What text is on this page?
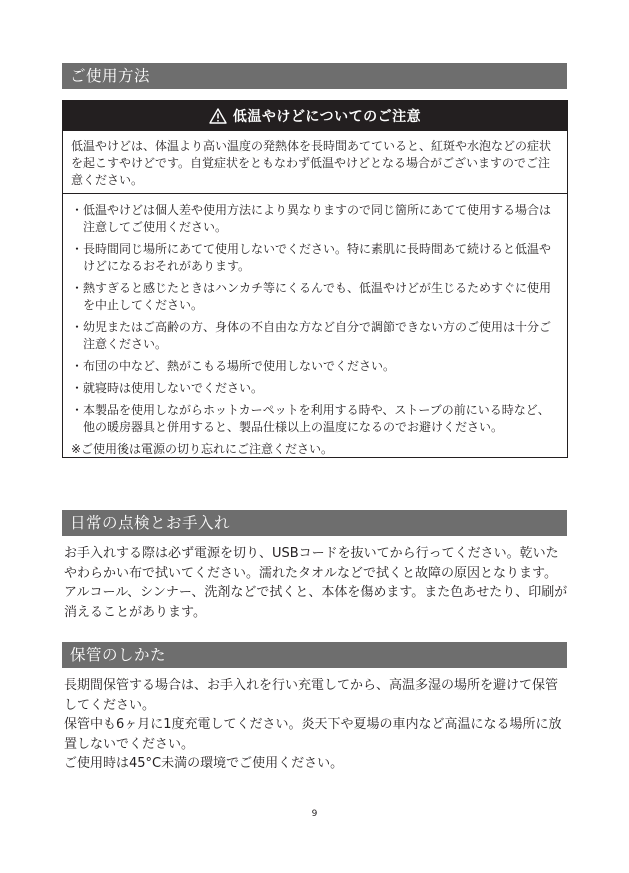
ご使用方法
低温やけどについてのご注意
低温やけどは、体温より高い温度の発熱体を長時間あてていると、紅斑や水泡などの症状を起こすやけどです。自覚症状をともなわず低温やけどとなる場合がございますのでご注意ください。
・ 低温やけどは個人差や使用方法により異なりますので同じ箇所にあてて使用する場合は注意してご使用ください。
・ 長時間同じ場所にあてて使用しないでください。特に素肌に長時間あて続けると低温やけどになるおそれがあります。
・ 熱すぎると感じたときはハンカチ等にくるんでも、低温やけどが生じるためすぐに使用を中止してください。
・ 幼児またはご高齢の方、身体の不自由な方など自分で調節できない方のご使用は十分ご注意ください。
・ 布団の中など、熱がこもる場所で使用しないでください。
・ 就寝時は使用しないでください。
・ 本製品を使用しながらホットカーペットを利用する時や、ストーブの前にいる時など、他の暖房器具と併用すると、製品仕様以上の温度になるのでお避けください。
※ご使用後は電源の切り忘れにご注意ください。
日常の点検とお手入れ

お手入れする際は必ず電源を切り、USBコードを抜いてから行ってください。乾いたやわらかい布で拭いてください。濡れたタオルなどで拭くと故障の原因となります。アルコール、シンナー、洗剤などで拭くと、本体を傷めます。また色あせたり、印刷が消えることがあります。

保管のしかた

長期間保管する場合は、お手入れを行い充電してから、高温多湿の場所を避けて保管してください。

保管中も6ヶ月に1度充電してください。炎天下や夏場の車内など高温になる場所に放置しないでください。

ご使用時は45°C未満の環境でご使用ください。

9
